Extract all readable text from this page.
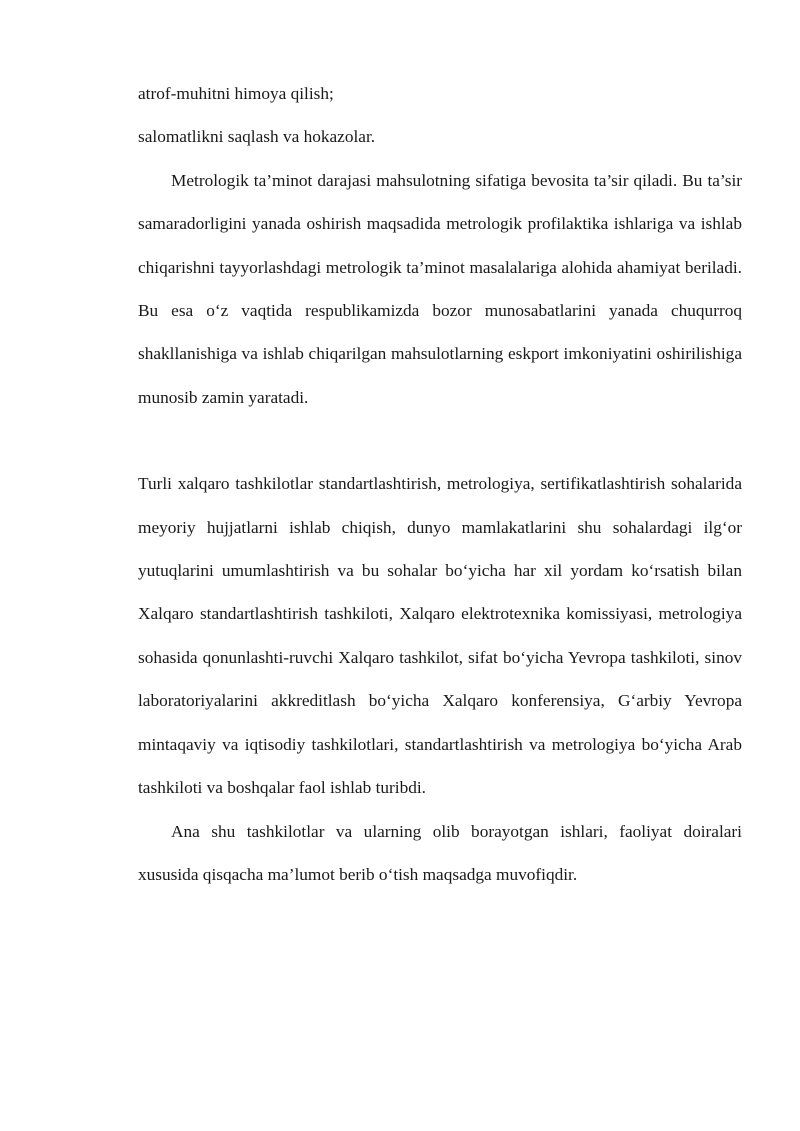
atrof-muhitni himoya qilish;

salomatlikni saqlash va hokazolar.

Metrologik ta’minot darajasi mahsulotning sifatiga bevosita ta’sir qiladi. Bu ta’sir samaradorligini yanada oshirish maqsadida metrologik profilaktika ishlariga va ishlab chiqarishni tayyorlashdagi metrologik ta’minot masalalariga alohida ahamiyat beriladi. Bu esa o‘z vaqtida respublikamizda bozor munosabatlarini yanada chuqurroq shakllanishiga va ishlab chiqarilgan mahsulotlarning eskport imkoniyatini oshirilishiga munosib zamin yaratadi.

Turli xalqaro tashkilotlar standartlashtirish, metrologiya, sertifikatlashtirish sohalarida meyoriy hujjatlarni ishlab chiqish, dunyo mamlakatlarini shu sohalardagi ilg‘or yutuqlarini umumlashtirish va bu sohalar bo‘yicha har xil yordam ko‘rsatish bilan Xalqaro standartlashtirish tashkiloti, Xalqaro elektrotexnika komissiyasi, metrologiya sohasida qonunlashti-ruvchi Xalqaro tashkilot, sifat bo‘yicha Yevropa tashkiloti, sinov laboratoriyalarini akkreditlash bo‘yicha Xalqaro konferensiya, G‘arbiy Yevropa mintaqaviy va iqtisodiy tashkilotlari, standartlashtirish va metrologiya bo‘yicha Arab tashkiloti va boshqalar faol ishlab turibdi.

Ana shu tashkilotlar va ularning olib borayotgan ishlari, faoliyat doiralari xususida qisqacha ma’lumot berib o‘tish maqsadga muvofiqdir.
